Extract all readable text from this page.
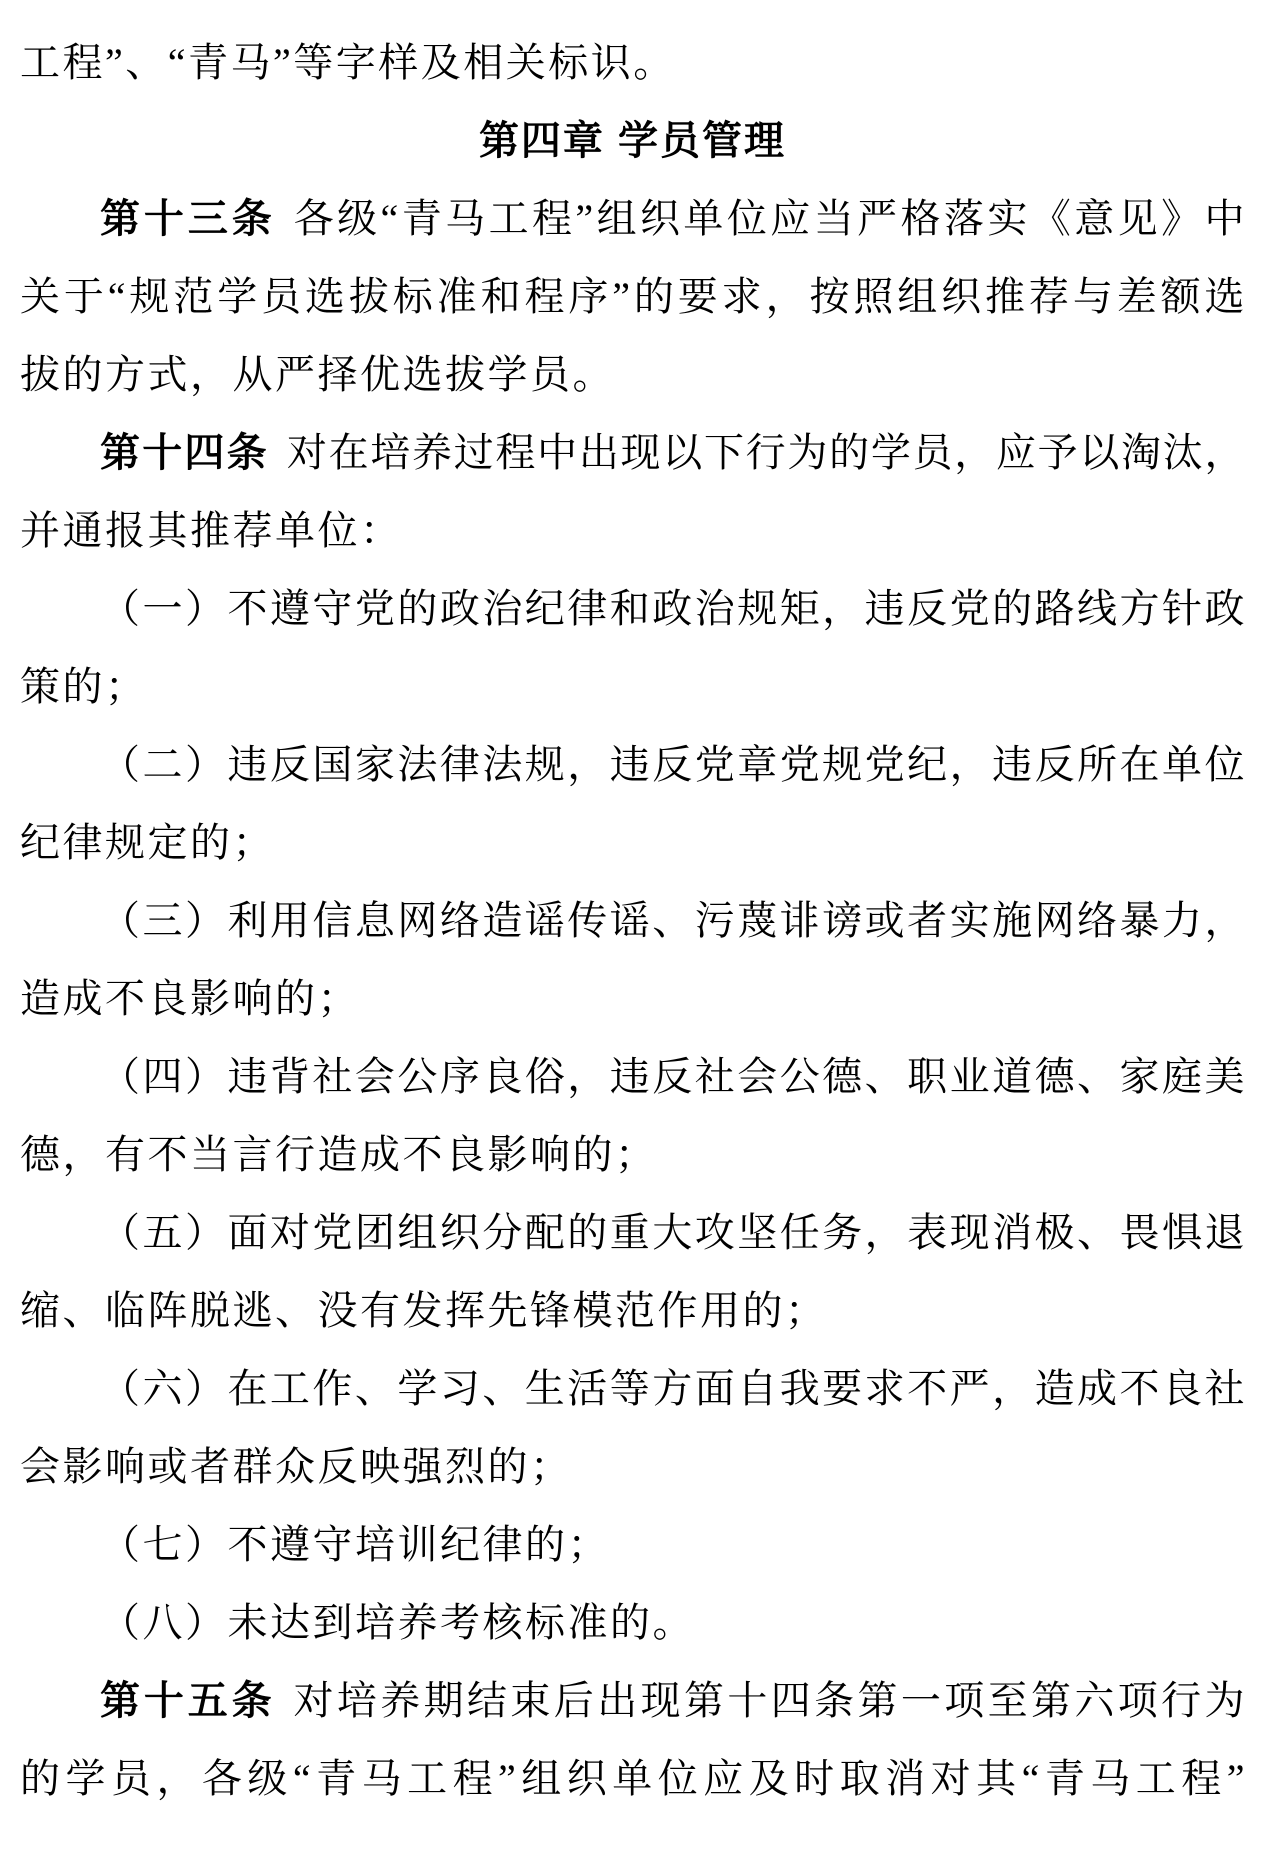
工程”、“青马”等字样及相关标识。
第四章 学员管理
第十三条 各级“青马工程”组织单位应当严格落实《意见》中
关于“规范学员选拔标准和程序”的要求，按照组织推荐与差额选
拔的方式，从严择优选拔学员。
第十四条 对在培养过程中出现以下行为的学员，应予以淘汰，
并通报其推荐单位：
（一）不遵守党的政治纪律和政治规矩，违反党的路线方针政
策的；
（二）违反国家法律法规，违反党章党规党纪，违反所在单位
纪律规定的；
（三）利用信息网络造谣传谣、污蔑诽谤或者实施网络暴力，
造成不良影响的；
（四）违背社会公序良俗，违反社会公德、职业道德、家庭美
德，有不当言行造成不良影响的；
（五）面对党团组织分配的重大攻坚任务，表现消极、畏惧退
缩、临阵脱逃、没有发挥先锋模范作用的；
（六）在工作、学习、生活等方面自我要求不严，造成不良社
会影响或者群众反映强烈的；
（七）不遵守培训纪律的；
（八）未达到培养考核标准的。
第十五条 对培养期结束后出现第十四条第一项至第六项行为
的学员，各级“青马工程”组织单位应及时取消对其“青马工程”
